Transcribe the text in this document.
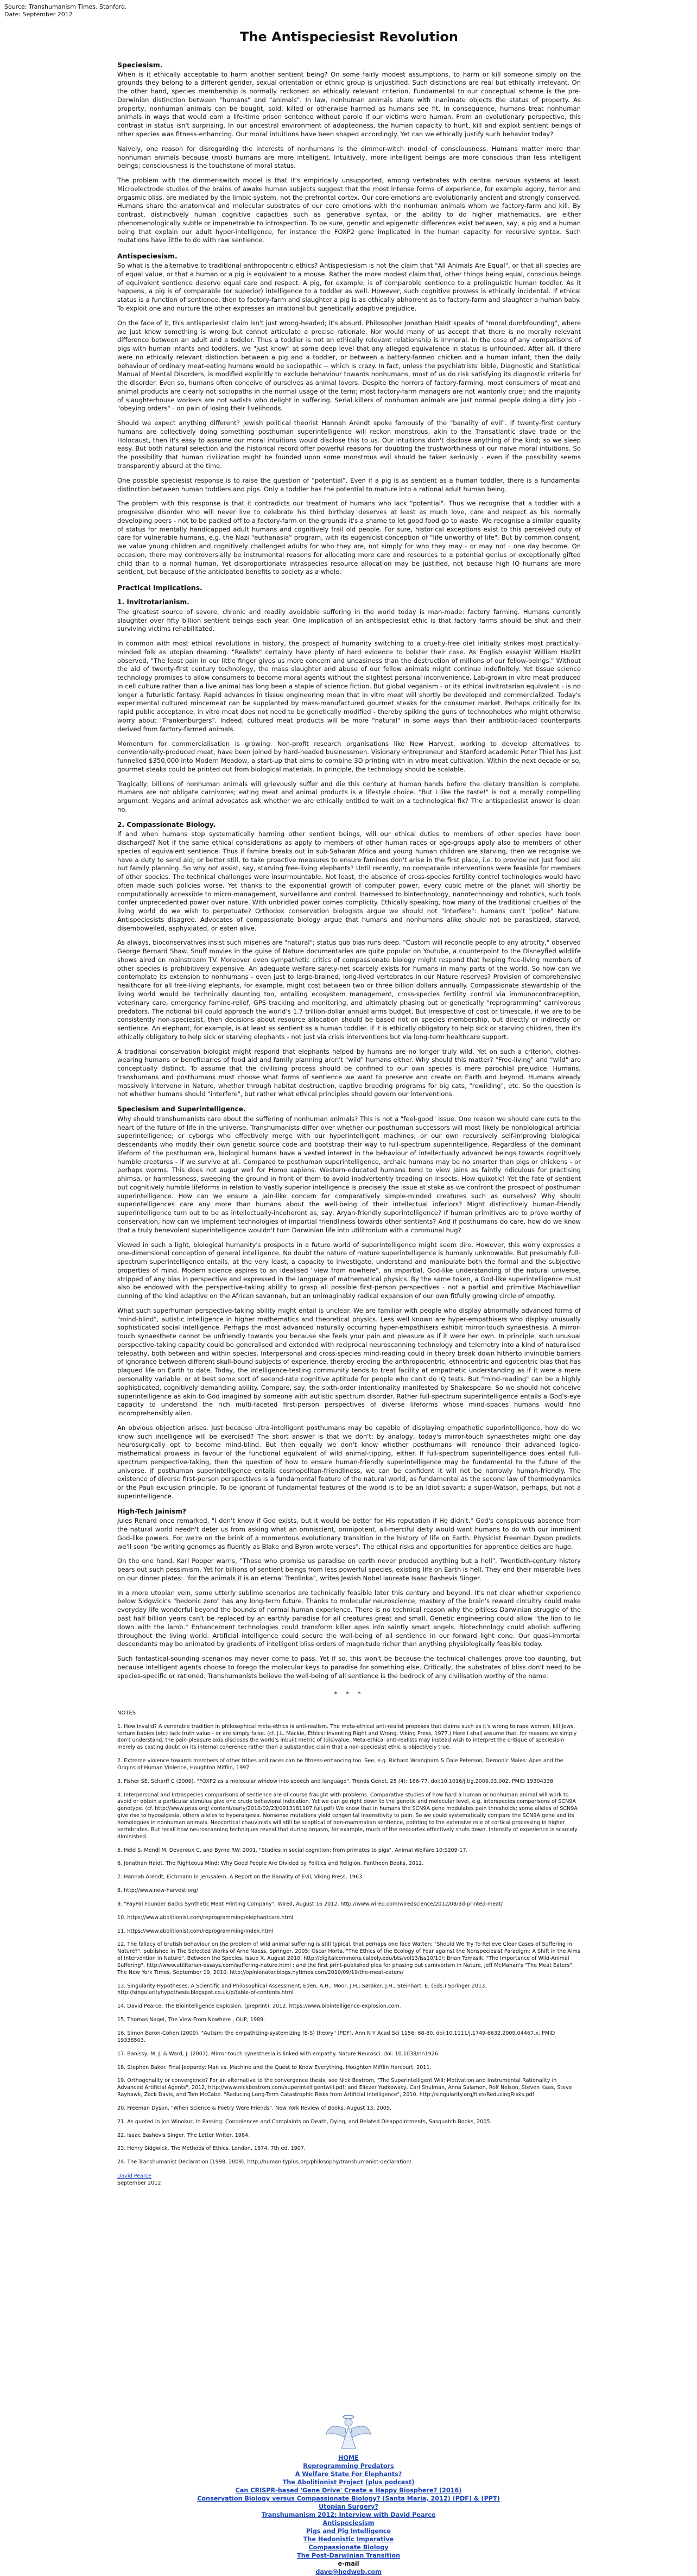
Source: Transhumanism Times. Stanford.
Date: September 2012
The Antispeciesist Revolution
Speciesism.

When is it ethically acceptable to harm another sentient being? On some fairly modest assumptions, to harm or kill someone simply on the grounds they belong to a different gender, sexual orientation or ethnic group is unjustified. Such distinctions are real but ethically irrelevant. On the other hand, species membership is normally reckoned an ethically relevant criterion. Fundamental to our conceptual scheme is the pre-Darwinian distinction between "humans" and "animals". In law, nonhuman animals share with inanimate objects the status of property. As property, nonhuman animals can be bought, sold, killed or otherwise harmed as humans see fit. In consequence, humans treat nonhuman animals in ways that would earn a life-time prison sentence without parole if our victims were human. From an evolutionary perspective, this contrast in status isn't surprising. In our ancestral environment of adaptedness, the human capacity to hunt, kill and exploit sentient beings of other species was fitness-enhancing. Our moral intuitions have been shaped accordingly. Yet can we ethically justify such behavior today?

Naively, one reason for disregarding the interests of nonhumans is the dimmer-witch model of consciousness. Humans matter more than nonhuman animals because (most) humans are more intelligent. Intuitively, more intelligent beings are more conscious than less intelligent beings; consciousness is the touchstone of moral status.

The problem with the dimmer-switch model is that it's empirically unsupported, among vertebrates with central nervous systems at least. Microelectrode studies of the brains of awake human subjects suggest that the most intense forms of experience, for example agony, terror and orgasmic bliss, are mediated by the limbic system, not the prefrontal cortex. Our core emotions are evolutionarily ancient and strongly conserved. Humans share the anatomical and molecular substrates of our core emotions with the nonhuman animals whom we factory-farm and kill. By contrast, distinctively human cognitive capacities such as generative syntax, or the ability to do higher mathematics, are either phenomenologically subtle or impenetrable to introspection. To be sure, genetic and epigenetic differences exist between, say, a pig and a human being that explain our adult hyper-intelligence, for instance the FOXP2 gene implicated in the human capacity for recursive syntax. Such mutations have little to do with raw sentience.

Antispeciesism.

So what is the alternative to traditional anthropocentric ethics? Antispeciesism is not the claim that "All Animals Are Equal", or that all species are of equal value, or that a human or a pig is equivalent to a mouse. Rather the more modest claim that, other things being equal, conscious beings of equivalent sentience deserve equal care and respect. A pig, for example, is of comparable sentience to a prelinguistic human toddler. As it happens, a pig is of comparable (or superior) intelligence to a toddler as well. However, such cognitive prowess is ethically incidental. If ethical status is a function of sentience, then to factory-farm and slaughter a pig is as ethically abhorrent as to factory-farm and slaughter a human baby. To exploit one and nurture the other expresses an irrational but genetically adaptive prejudice.

On the face of it, this antispeciesist claim isn't just wrong-headed; it's absurd. Philosopher Jonathan Haidt speaks of "moral dumbfounding", where we just know something is wrong but cannot articulate a precise rationale. Nor would many of us accept that there is no morally relevant difference between an adult and a toddler. Thus a toddler is not an ethically relevant relationship is immoral. In the case of any comparisons of pigs with human infants and toddlers, we "just know" at some deep level that any alleged equivalence in status is unfounded. After all, if there were no ethically relevant distinction between a pig and a toddler, or between a battery-farmed chicken and a human infant, then the daily behaviour of ordinary meat-eating humans would be sociopathic -- which is crazy. In fact, unless the psychiatrists' bible, Diagnostic and Statistical Manual of Mental Disorders, is modified explicitly to exclude behaviour towards nonhumans, most of us do risk satisfying its diagnostic criteria for the disorder. Even so, humans often conceive of ourselves as animal lovers. Despite the horrors of factory-farming, most consumers of meat and animal products are clearly not sociopaths in the normal usage of the term; most factory-farm managers are not wantonly cruel; and the majority of slaughterhouse workers are not sadists who delight in suffering. Serial killers of nonhuman animals are just normal people doing a dirty job - "obeying orders" - on pain of losing their livelihoods.

Should we expect anything different? Jewish political theorist Hannah Arendt spoke famously of the "banality of evil". If twenty-first century humans are collectively doing something posthuman superintelligence will reckon monstrous, akin to the Transatlantic slave trade or the Holocaust, then it's easy to assume our moral intuitions would disclose this to us. Our intuitions don't disclose anything of the kind; so we sleep easy. But both natural selection and the historical record offer powerful reasons for doubting the trustworthiness of our naive moral intuitions. So the possibility that human civilization might be founded upon some monstrous evil should be taken seriously - even if the possibility seems transparently absurd at the time.

One possible speciesist response is to raise the question of "potential". Even if a pig is as sentient as a human toddler, there is a fundamental distinction between human toddlers and pigs. Only a toddler has the potential to mature into a rational adult human being.

The problem with this response is that it contradicts our treatment of humans who lack "potential". Thus we recognise that a toddler with a progressive disorder who will never live to celebrate his third birthday deserves at least as much love, care and respect as his normally developing peers - not to be packed off to a factory-farm on the grounds it's a shame to let good food go to waste. We recognise a similar equality of status for mentally handicapped adult humans and cognitively frail old people. For sure, historical exceptions exist to this perceived duty of care for vulnerable humans, e.g. the Nazi "euthanasia" program, with its eugenicist conception of "life unworthy of life". But by common consent, we value young children and cognitively challenged adults for who they are, not simply for who they may - or may not - one day become. On occasion, there may controversially be instrumental reasons for allocating more care and resources to a potential genius or exceptionally gifted child than to a normal human. Yet disproportionate intraspecies resource allocation may be justified, not because high IQ humans are more sentient, but because of the anticipated benefits to society as a whole.

Practical Implications.
1. Invitrotarianism.

The greatest source of severe, chronic and readily avoidable suffering in the world today is man-made: factory farming. Humans currently slaughter over fifty billion sentient beings each year. One implication of an antispeciesist ethic is that factory farms should be shut and their surviving victims rehabilitated.

In common with most ethical revolutions in history, the prospect of humanity switching to a cruelty-free diet initially strikes most practically-minded folk as utopian dreaming. "Realists" certainly have plenty of hard evidence to bolster their case. As English essayist William Hazlitt observed, "The least pain in our little finger gives us more concern and uneasiness than the destruction of millions of our fellow-beings." Without the aid of twenty-first century technology, the mass slaughter and abuse of our fellow animals might continue indefinitely. Yet tissue science technology promises to allow consumers to become moral agents without the slightest personal inconvenience. Lab-grown in vitro meat produced in cell culture rather than a live animal has long been a staple of science fiction. But global veganism - or its ethical invitrotarian equivalent - is no longer a futuristic fantasy. Rapid advances in tissue engineering mean that in vitro meat will shortly be developed and commercialized. Today's experimental cultured mincemeat can be supplanted by mass-manufactured gourmet steaks for the consumer market. Perhaps critically for its rapid public acceptance, in vitro meat does not need to be genetically modified - thereby spiking the guns of technophobes who might otherwise worry about "Frankenburgers". Indeed, cultured meat products will be more "natural" in some ways than their antibiotic-laced counterparts derived from factory-farmed animals.

Momentum for commercialisation is growing. Non-profit research organisations like New Harvest, working to develop alternatives to conventionally-produced meat, have been joined by hard-headed businessmen. Visionary entrepreneur and Stanford academic Peter Thiel has just funnelled $350,000 into Modern Meadow, a start-up that aims to combine 3D printing with in vitro meat cultivation. Within the next decade or so, gourmet steaks could be printed out from biological materials. In principle, the technology should be scalable.

Tragically, billions of nonhuman animals will grievously suffer and die this century at human hands before the dietary transition is complete. Humans are not obligate carnivores; eating meat and animal products is a lifestyle choice. "But I like the taste!" is not a morally compelling argument. Vegans and animal advocates ask whether we are ethically entitled to wait on a technological fix? The antispeciesist answer is clear: no.

2. Compassionate Biology.

If and when humans stop systematically harming other sentient beings, will our ethical duties to members of other species have been discharged? Not if the same ethical considerations as apply to members of other human races or age-groups apply also to members of other species of equivalent sentience. Thus if famine breaks out in sub-Saharan Africa and young human children are starving, then we recognise we have a duty to send aid; or better still, to take proactive measures to ensure famines don't arise in the first place, i.e. to provide not just food aid but family planning. So why not assist, say, starving free-living elephants? Until recently, no comparable interventions were feasible for members of other species. The technical challenges were insurmountable. Not least, the absence of cross-species fertility control technologies would have often made such policies worse. Yet thanks to the exponential growth of computer power, every cubic metre of the planet will shortly be computationally accessible to micro-management, surveillance and control. Harnessed to biotechnology, nanotechnology and robotics, such tools confer unprecedented power over nature. With unbridled power comes complicity. Ethically speaking, how many of the traditional cruelties of the living world do we wish to perpetuate? Orthodox conservation biologists argue we should not "interfere": humans can't "police" Nature. Antispeciesists disagree. Advocates of compassionate biology argue that humans and nonhumans alike should not be parasitized, starved, disembowelled, asphyxiated, or eaten alive.

As always, bioconservatives insist such miseries are "natural"; status quo bias runs deep. "Custom will reconcile people to any atrocity," observed George Bernard Shaw. Snuff movies in the guise of Nature documentaries are quite popular on Youtube, a counterpoint to the Disneyfied wildlife shows aired on mainstream TV. Moreover even sympathetic critics of compassionate biology might respond that helping free-living members of other species is prohibitively expensive. An adequate welfare safety-net scarcely exists for humans in many parts of the world. So how can we contemplate its extension to nonhumans - even just to large-brained, long-lived vertebrates in our Nature reserves? Provision of comprehensive healthcare for all free-living elephants, for example, might cost between two or three billion dollars annually. Compassionate stewardship of the living world would be technically daunting too, entailing ecosystem management, cross-species fertility control via immunocontraception, veterinary care, emergency famine-relief, GPS tracking and monitoring, and ultimately phasing out or genetically "reprogramming" carnivorous predators. The notional bill could approach the world's 1.7 trillion-dollar annual arms budget. But irrespective of cost or timescale, if we are to be consistently non-speciesist, then decisions about resource allocation should be based not on species membership, but directly or indirectly on sentience. An elephant, for example, is at least as sentient as a human toddler. If it is ethically obligatory to help sick or starving children, then it's ethically obligatory to help sick or starving elephants - not just via crisis interventions but via long-term healthcare support.

A traditional conservation biologist might respond that elephants helped by humans are no longer truly wild. Yet on such a criterion, clothes-wearing humans or beneficiaries of food aid and family planning aren't "wild" humans either. Why should this matter? "Free-living" and "wild" are conceptually distinct. To assume that the civilising process should be confined to our own species is mere parochial prejudice. Humans, transhumans and posthumans must choose what forms of sentience we want to preserve and create on Earth and beyond. Humans already massively intervene in Nature, whether through habitat destruction, captive breeding programs for big cats, "rewilding", etc. So the question is not whether humans should "interfere", but rather what ethical principles should govern our interventions.

Speciesism and Superintelligence.

Why should transhumanists care about the suffering of nonhuman animals? This is not a "feel-good" issue. One reason we should care cuts to the heart of the future of life in the universe. Transhumanists differ over whether our posthuman successors will most likely be nonbiological artificial superintelligence; or cyborgs who effectively merge with our hyperintelligent machines; or our own recursively self-improving biological descendants who modify their own genetic source code and bootstrap their way to full-spectrum superintelligence. Regardless of the dominant lifeform of the posthuman era, biological humans have a vested interest in the behaviour of intellectually advanced beings towards cognitively humble creatures - if we survive at all. Compared to posthuman superintelligence, archaic humans may be no smarter than pigs or chickens - or perhaps worms. This does not augur well for Homo sapiens. Western-educated humans tend to view Jains as faintly ridiculous for practising ahimsa, or harmlessness, sweeping the ground in front of them to avoid inadvertently treading on insects. How quixotic! Yet the fate of sentient but cognitively humble lifeforms in relation to vastly superior intelligence is precisely the issue at stake as we confront the prospect of posthuman superintelligence. How can we ensure a Jain-like concern for comparatively simple-minded creatures such as ourselves? Why should superintelligences care any more than humans about the well-being of their intellectual inferiors? Might distinctively human-friendly superintelligence turn out to be as intellectually-incoherent as, say, Aryan-friendly superintelligence? If human primitives are to prove worthy of conservation, how can we implement technologies of impartial friendliness towards other sentients? And if posthumans do care, how do we know that a truly benevolent superintelligence wouldn't turn Darwinian life into utilitronium with a communal hug?

Viewed in such a light, biological humanity's prospects in a future world of superintelligence might seem dire. However, this worry expresses a one-dimensional conception of general intelligence. No doubt the nature of mature superintelligence is humanly unknowable. But presumably full-spectrum superintelligence entails, at the very least, a capacity to investigate, understand and manipulate both the formal and the subjective properties of mind. Modern science aspires to an idealised "view from nowhere", an impartial, God-like understanding of the natural universe, stripped of any bias in perspective and expressed in the language of mathematical physics. By the same token, a God-like superintelligence must also be endowed with the perspective-taking ability to grasp all possible first-person perspectives - not a partial and primitive Machiavellian cunning of the kind adaptive on the African savannah, but an unimaginably radical expansion of our own fitfully growing circle of empathy.

What such superhuman perspective-taking ability might entail is unclear. We are familiar with people who display abnormally advanced forms of "mind-blind", autistic intelligence in higher mathematics and theoretical physics. Less well known are hyper-empathisers who display unusually sophisticated social intelligence. Perhaps the most advanced naturally occurring hyper-empathisers exhibit mirror-touch synaesthesia. A mirror-touch synaesthete cannot be unfriendly towards you because she feels your pain and pleasure as if it were her own. In principle, such unusual perspective-taking capacity could be generalised and extended with reciprocal neuroscanning technology and telemetry into a kind of naturalised telepathy, both between and within species. Interpersonal and cross-species mind-reading could in theory break down hitherto invincible barriers of ignorance between different skull-bound subjects of experience, thereby eroding the anthropocentric, ethnocentric and egocentric bias that has plagued life on Earth to date. Today, the intelligence-testing community tends to treat facility at empathetic understanding as if it were a mere personality variable, or at best some sort of second-rate cognitive aptitude for people who can't do IQ tests. But "mind-reading" can be a highly sophisticated, cognitively demanding ability. Compare, say, the sixth-order intentionality manifested by Shakespeare. So we should not conceive superintelligence as akin to God imagined by someone with autistic spectrum disorder. Rather full-spectrum superintelligence entails a God's-eye capacity to understand the rich multi-faceted first-person perspectives of diverse lifeforms whose mind-spaces humans would find incomprehensibly alien.

An obvious objection arises. Just because ultra-intelligent posthumans may be capable of displaying empathetic superintelligence, how do we know such intelligence will be exercised? The short answer is that we don't: by analogy, today's mirror-touch synaesthetes might one day neurosurgically opt to become mind-blind. But then equally we don't know whether posthumans will renounce their advanced logico-mathematical prowess in favour of the functional equivalent of wild animal-tipping, either. If full-spectrum superintelligence does entail full-spectrum perspective-taking, then the question of how to ensure human-friendly superintelligence may be fundamental to the future of the universe. If posthuman superintelligence entails cosmopolitan-friendliness, we can be confident it will not be narrowly human-friendly. The existence of diverse first-person perspectives is a fundamental feature of the natural world, as fundamental as the second law of thermodynamics or the Pauli exclusion principle. To be ignorant of fundamental features of the world is to be an idiot savant: a super-Watson, perhaps, but not a superintelligence.

High-Tech Jainism?

Jules Renard once remarked, "I don't know if God exists, but it would be better for His reputation if He didn't." God's conspicuous absence from the natural world needn't deter us from asking what an omniscient, omnipotent, all-merciful deity would want humans to do with our imminent God-like powers. For we're on the brink of a momentous evolutionary transition in the history of life on Earth. Physicist Freeman Dyson predicts we'll soon "be writing genomes as fluently as Blake and Byron wrote verses". The ethical risks and opportunities for apprentice deities are huge.

On the one hand, Karl Popper warns, "Those who promise us paradise on earth never produced anything but a hell". Twentieth-century history bears out such pessimism. Yet for billions of sentient beings from less powerful species, existing life on Earth is hell. They end their miserable lives on our dinner plates: "for the animals it is an eternal Treblinka", writes Jewish Nobel laureate Isaac Bashevis Singer.

In a more utopian vein, some utterly sublime scenarios are technically feasible later this century and beyond. It's not clear whether experience below Sidgwick's "hedonic zero" has any long-term future. Thanks to molecular neuroscience, mastery of the brain's reward circuitry could make everyday life wonderful beyond the bounds of normal human experience. There is no technical reason why the pitiless Darwinian struggle of the past half billion years can't be replaced by an earthly paradise for all creatures great and small. Genetic engineering could allow "the lion to lie down with the lamb." Enhancement technologies could transform killer apes into saintly smart angels. Biotechnology could abolish suffering throughout the living world. Artificial intelligence could secure the well-being of all sentience in our forward light cone. Our quasi-immortal descendants may be animated by gradients of intelligent bliss orders of magnitude richer than anything physiologically feasible today.

Such fantastical-sounding scenarios may never come to pass. Yet if so, this won't be because the technical challenges prove too daunting, but because intelligent agents choose to forego the molecular keys to paradise for something else. Critically, the substrates of bliss don't need to be species-specific or rationed. Transhumanists believe the well-being of all sentience is the bedrock of any civilisation worthy of the name.

* * *
NOTES
1. How invalid? A venerable tradition in philosophical meta-ethics is anti-realism. The meta-ethical anti-realist proposes that claims such as it's wrong to rape women, kill Jews, torture babies (etc) lack truth value - or are simply false. (cf. J.L. Mackie, Ethics: Inventing Right and Wrong, Viking Press, 1977.) Here I shall assume that, for reasons we simply don't understand, the pain-pleasure axis discloses the world's inbuilt metric of (dis)value. Meta-ethical anti-realists may instead wish to interpret the critique of speciesism merely as casting doubt on its internal coherence rather than a substantive claim that a non-speciesist ethic is objectively true.
2. Extreme violence towards members of other tribes and races can be fitness-enhancing too. See, e.g. Richard Wrangham & Dale Peterson, Demonic Males: Apes and the Origins of Human Violence, Houghton Mifflin, 1997.
3. Fisher SE, Scharff C (2009). "FOXP2 as a molecular window into speech and language". Trends Genet. 25 (4): 166-77. doi:10.1016/j.tig.2009.03.002. PMID 19304338.
4. Interpersonal and intraspecies comparisons of sentience are of course fraught with problems. Comparative studies of how hard a human or nonhuman animal will work to avoid or obtain a particular stimulus give one crude behavioral indication. Yet we can go right down to the genetic and molecular level, e.g. interspecies comparisons of SCN9A genotype. (cf. http://www.pnas.org/ content/early/2010/02/23/0913181107.full.pdf) We know that in humans the SCN9A gene modulates pain thresholds; some alleles of SCN9A give rise to hypoalgesia, others alleles to hyperalgesia. Nonsense mutations yield congenital insensitivity to pain. So we could systematically compare the SCN9A gene and its homologues in nonhuman animals. Neocortical chauvinists will still be sceptical of non-mammalian sentience, pointing to the extensive role of cortical processing in higher vertebrates. But recall how neuroscanning techniques reveal that during orgasm, for example, much of the neocortex effectively shuts down. Intensity of experience is scarcely diminished.
5. Held S, Mendl M, Devereux C, and Byrne RW. 2001. "Studies in social cognition: from primates to pigs". Animal Welfare 10:S209-17.
6. Jonathan Haidt, The Righteous Mind: Why Good People Are Divided by Politics and Religion, Pantheon Books, 2012.
7. Hannah Arendt, Eichmann in Jerusalem: A Report on the Banality of Evil, Viking Press, 1963.
8. http://www.new-harvest.org/
9. "PayPal Founder Backs Synthetic Meat Printing Company", Wired, August 16 2012. http://www.wired.com/wiredscience/2012/08/3d-printed-meat/
10. https://www.abolitionist.com/reprogramming/elephantcare.html
11. https://www.abolitionist.com/reprogramming/index.html
12. The fallacy of brutish behaviour on the problem of wild animal suffering is still typical, that perhaps one face Watten: "Should We Try To Relieve Clear Cases of Suffering in Nature?", published in The Selected Works of Arne Naess, Springer, 2005; Oscar Horta, "The Ethics of the Ecology of Fear against the Nonspeciesist Paradigm: A Shift in the Aims of Intervention in Nature", Between the Species, Issue X, August 2010. http://digitalcommons.calpoly.edu/bts/vol13/iss10/10/; Brian Tomasik, "The Importance of Wild-Animal Suffering", http://www.utilitarian-essays.com/suffering-nature.html ; and the first print-published plea for phasing out carnivorism in Nature, Jeff McMahan's "The Meat Eaters", The New York Times, September 19, 2010. http://opinionator.blogs.nytimes.com/2010/09/19/the-meat-eaters/
13. Singularity Hypotheses, A Scientific and Philosophical Assessment, Eden, A.H.; Moor, J.H.; Søraker, J.H.; Steinhart, E. (Eds.) Springer 2013. http://singularityhypothesis.blogspot.co.uk/p/table-of-contents.html
14. David Pearce, The Biointelligence Explosion. (preprint), 2012. https://www.biointelligence-explosion.com.
15. Thomas Nagel, The View From Nowhere , OUP, 1989.
16. Simon Baron-Cohen (2009). "Autism: the empathizing-systemizing (E-S) theory" (PDF). Ann N Y Acad Sci 1156: 68-80. doi:10.1111/j.1749-6632.2009.04467.x. PMID 19338503.
17. Banissy, M. J. & Ward, J. (2007). Mirror-touch synesthesia is linked with empathy. Nature Neurosci. doi: 10.1038/nn1926.
18. Stephen Baker. Final Jeopardy: Man vs. Machine and the Quest to Know Everything. Houghton Mifflin Harcourt. 2011.
19. Orthogonality or convergence? For an alternative to the convergence thesis, see Nick Bostrom, "The Superintelligent Will: Motivation and Instrumental Rationality in Advanced Artificial Agents", 2012, http://www.nickbostrom.com/superintelligentwill.pdf; and Eliezer Yudkowsky, Carl Shulman, Anna Salamon, Rolf Nelson, Steven Kaas, Steve Rayhawk, Zack Davis, and Tom McCabe. "Reducing Long-Term Catastrophic Risks from Artificial Intelligence", 2010. http://singularity.org/files/ReducingRisks.pdf
20. Freeman Dyson, "When Science & Poetry Were Friends", New York Review of Books, August 13, 2009.
21. As quoted in Jon Winokur, In Passing: Condolences and Complaints on Death, Dying, and Related Disappointments, Sasquatch Books, 2005.
22. Isaac Bashevis Singer, The Letter Writer, 1964.
23. Henry Sidgwick, The Methods of Ethics. London, 1874, 7th ed. 1907.
24. The Transhumanist Declaration (1998, 2009). http://humanityplus.org/philosophy/transhumanist-declaration/
David Pearce
September 2012
HOME
Reprogramming Predators
A Welfare State For Elephants?
The Abolitionist Project (plus podcast)
Can CRISPR-based 'Gene Drive' Create a Happy Biosphere? (2016)
Conservation Biology versus Compassionate Biology? (Santa Maria, 2012) (PDF) & (PPT)
Utopian Surgery?
Transhumanism 2012: Interview with David Pearce
Antispeciesism
Pigs and Pig Intelligence
The Hedonistic Imperative
Compassionate Biology
The Post-Darwinian Transition
e-mail
dave@hedweb.com
